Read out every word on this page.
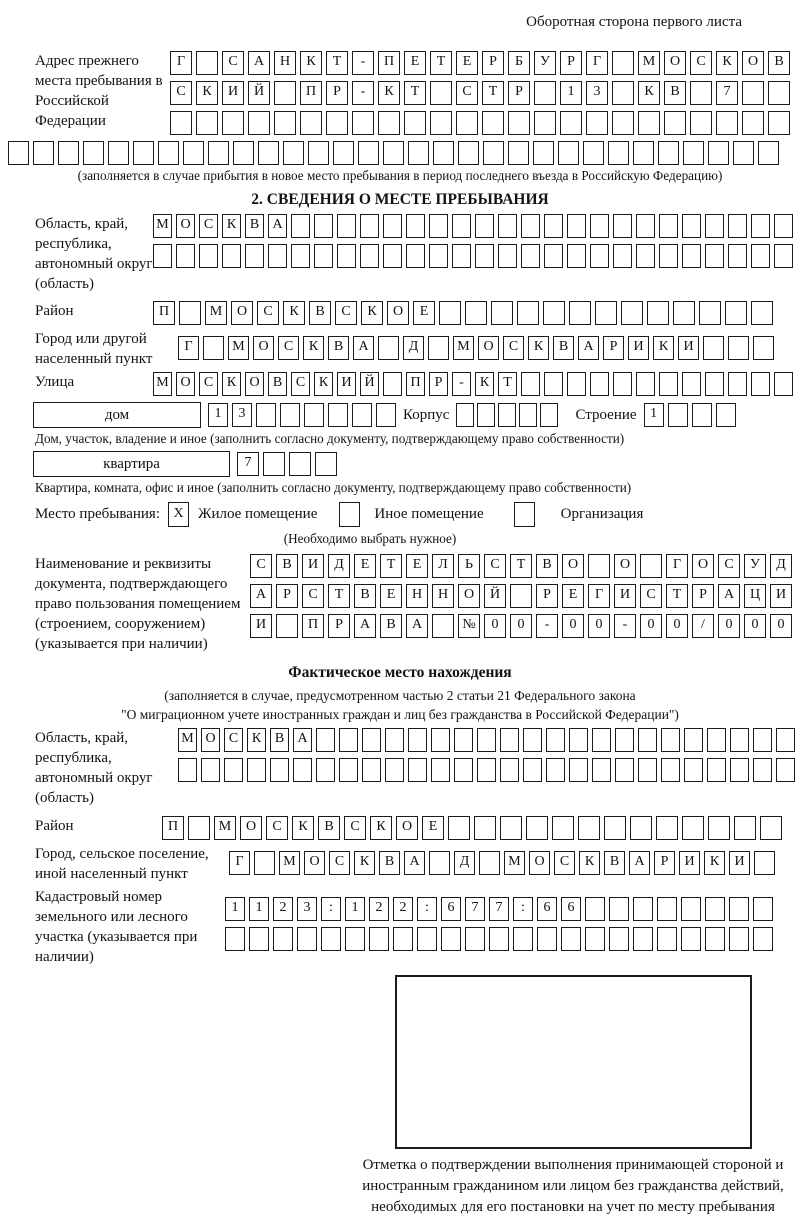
Оборотная сторона первого листа
Адрес прежнего места пребывания в Российской Федерации
Г	С А Н К Т - П Е Т Е Р Б У Р Г	М О С К О В
С К И Й	П Р - К Т	С Т Р	1 3	К В	7

(заполняется в случае прибытия в новое место пребывания в период последнего въезда в Российскую Федерацию)
2. СВЕДЕНИЯ О МЕСТЕ ПРЕБЫВАНИЯ
Область, край, республика, автономный округ (область)
М О С К В А

Район	П	М О С К В С К О Е
Город или другой населенный пункт
Г	М О С К В А	Д	М О С К В А Р И К И
Улица	М О С К О В С К И Й	П Р - К Т
дом	1 3	Корпус
	Строение 1
Дом, участок, владение и иное (заполнить согласно документу, подтверждающему право собственности)
квартира	7
Квартира, комната, офис и иное (заполнить согласно документу, подтверждающему право собственности)
Место пребывания: X Жилое помещение	Иное помещение	Организация
(Необходимо выбрать нужное)
Наименование и реквизиты документа, подтверждающего право пользования помещением (строением, сооружением) (указывается при наличии)
С В И Д Е Т Е Л Ь С Т В О	О	Г О С У Д
А Р С Т В Е Н Н О Й	Р Е Г И С Т Р А Ц И
И	П Р А В А	№ 0 0 - 0 0 - 0 0 / 0 0 0
Фактическое место нахождения
(заполняется в случае, предусмотренном частью 2 статьи 21 Федерального закона
"О миграционном учете иностранных граждан и лиц без гражданства в Российской Федерации")
Область, край, республика, автономный округ (область)
М О С К В А

Район	П	М О С К В С К О Е
Город, сельское поселение, иной населенный пункт
Г	М О С К В А	Д	М О С К В А Р И К И
Кадастровый номер земельного или лесного участка (указывается при наличии)
1 1 2 3 : 1 2 2 : 6 7 7 : 6 6

Отметка о подтверждении выполнения принимающей стороной и иностранным гражданином или лицом без гражданства действий, необходимых для его постановки на учет по месту пребывания
